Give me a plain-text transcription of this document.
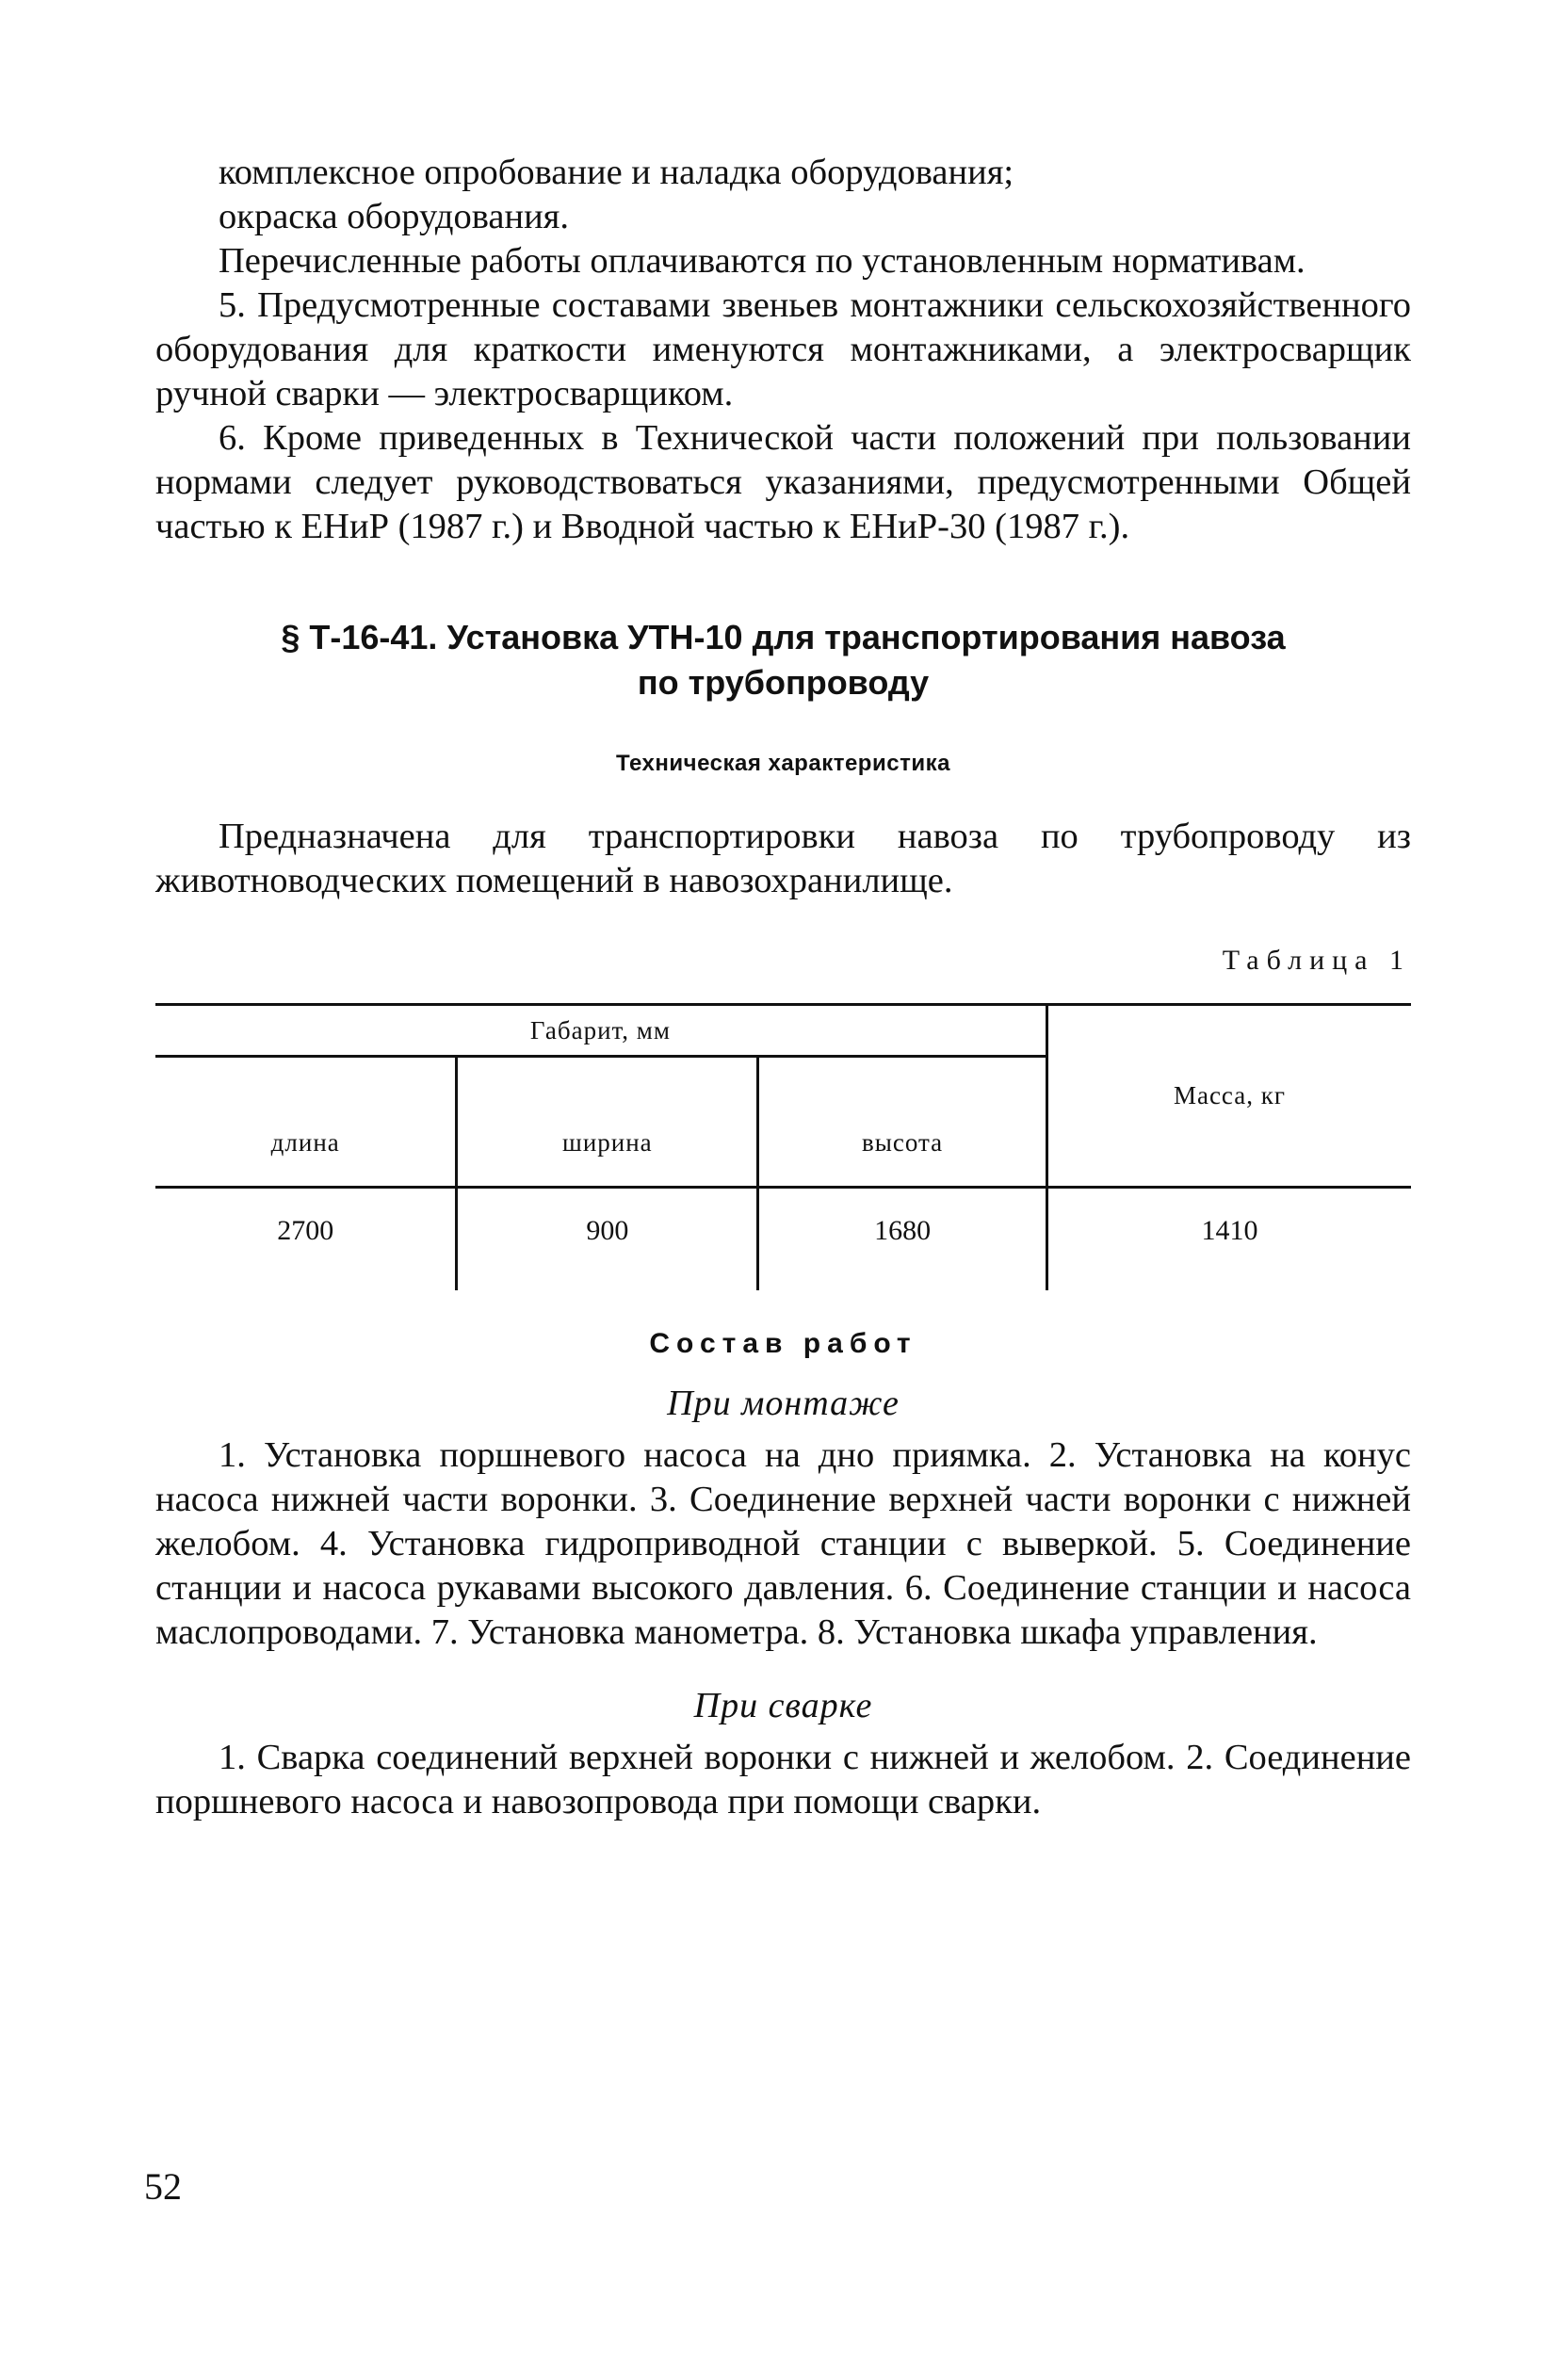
комплексное опробование и наладка оборудования;

окраска оборудования.

Перечисленные работы оплачиваются по установленным нормативам.

5. Предусмотренные составами звеньев монтажники сельскохозяйственного оборудования для краткости именуются монтажниками, а электросварщик ручной сварки — электросварщиком.

6. Кроме приведенных в Технической части положений при пользовании нормами следует руководствоваться указаниями, предусмотренными Общей частью к ЕНиР (1987 г.) и Вводной частью к ЕНиР-30 (1987 г.).

§ Т-16-41. Установка УТН-10 для транспортирования навоза
по трубопроводу
Техническая характеристика

Предназначена для транспортировки навоза по трубопроводу из животноводческих помещений в навозохранилище.

Таблица 1
Габарит, мм			Масса, кг
длина	ширина	высота	
2700	900	1680	1410
Состав работ
При монтаже

1. Установка поршневого насоса на дно приямка. 2. Установка на конус насоса нижней части воронки. 3. Соединение верхней части воронки с нижней желобом. 4. Установка гидроприводной станции с выверкой. 5. Соединение станции и насоса рукавами высокого давления. 6. Соединение станции и насоса маслопроводами. 7. Установка манометра. 8. Установка шкафа управления.

При сварке

1. Сварка соединений верхней воронки с нижней и желобом. 2. Соединение поршневого насоса и навозопровода при помощи сварки.

52
